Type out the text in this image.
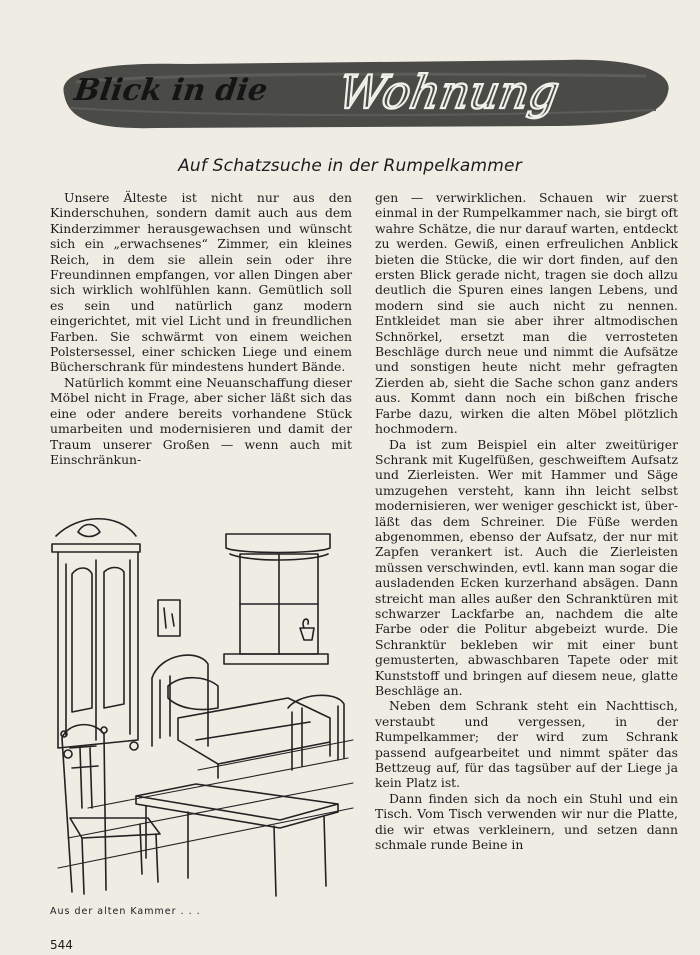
Blick in die Wohnung
Auf Schatzsuche in der Rumpelkammer

Unsere Älteste ist nicht nur aus den Kinderschuhen, sondern damit auch aus dem Kinderzimmer herausgewachsen und wünscht sich ein „erwachsenes“ Zimmer, ein kleines Reich, in dem sie allein sein oder ihre Freundinnen empfangen, vor allen Dingen aber sich wirklich wohlfühlen kann. Gemütlich soll es sein und natürlich ganz modern eingerichtet, mit viel Licht und in freundlichen Farben. Sie schwärmt von einem weichen Polstersessel, einer schicken Liege und einem Bücherschrank für mindestens hundert Bände.

Natürlich kommt eine Neuanschaffung dieser Möbel nicht in Frage, aber sicher läßt sich das eine oder andere bereits vorhandene Stück umarbeiten und modernisieren und damit der Traum unserer Großen — wenn auch mit Einschränkun-

gen — verwirklichen. Schauen wir zuerst einmal in der Rumpelkammer nach, sie birgt oft wahre Schätze, die nur darauf warten, entdeckt zu werden. Gewiß, einen erfreulichen Anblick bieten die Stücke, die wir dort finden, auf den ersten Blick gerade nicht, tragen sie doch allzu deutlich die Spuren eines langen Lebens, und modern sind sie auch nicht zu nennen. Entkleidet man sie aber ihrer altmodischen Schnörkel, ersetzt man die verrosteten Beschläge durch neue und nimmt die Aufsätze und sonstigen heute nicht mehr gefragten Zierden ab, sieht die Sache schon ganz anders aus. Kommt dann noch ein bißchen frische Farbe dazu, wirken die alten Möbel plötzlich hochmodern.

Da ist zum Beispiel ein alter zweitüriger Schrank mit Kugelfüßen, geschweiftem Aufsatz und Zierleisten. Wer mit Hammer und Säge umzugehen versteht, kann ihn leicht selbst modernisieren, wer weniger geschickt ist, überläßt das dem Schreiner. Die Füße werden abgenommen, ebenso der Aufsatz, der nur mit Zapfen verankert ist. Auch die Zierleisten müssen verschwinden, evtl. kann man sogar die ausladenden Ecken kurzerhand absägen. Dann streicht man alles außer den Schranktüren mit schwarzer Lackfarbe an, nachdem die alte Farbe oder die Politur abgebeizt wurde. Die Schranktür bekleben wir mit einer bunt gemusterten, abwaschbaren Tapete oder mit Kunststoff und bringen auf diesem neue, glatte Beschläge an.

Neben dem Schrank steht ein Nachttisch, verstaubt und vergessen, in der Rumpelkammer; der wird zum Schrank passend aufgearbeitet und nimmt später das Bettzeug auf, für das tagsüber auf der Liege ja kein Platz ist.

Dann finden sich da noch ein Stuhl und ein Tisch. Vom Tisch verwenden wir nur die Platte, die wir etwas verkleinern, und setzen dann schmale runde Beine in

Aus der alten Kammer . . .
544
